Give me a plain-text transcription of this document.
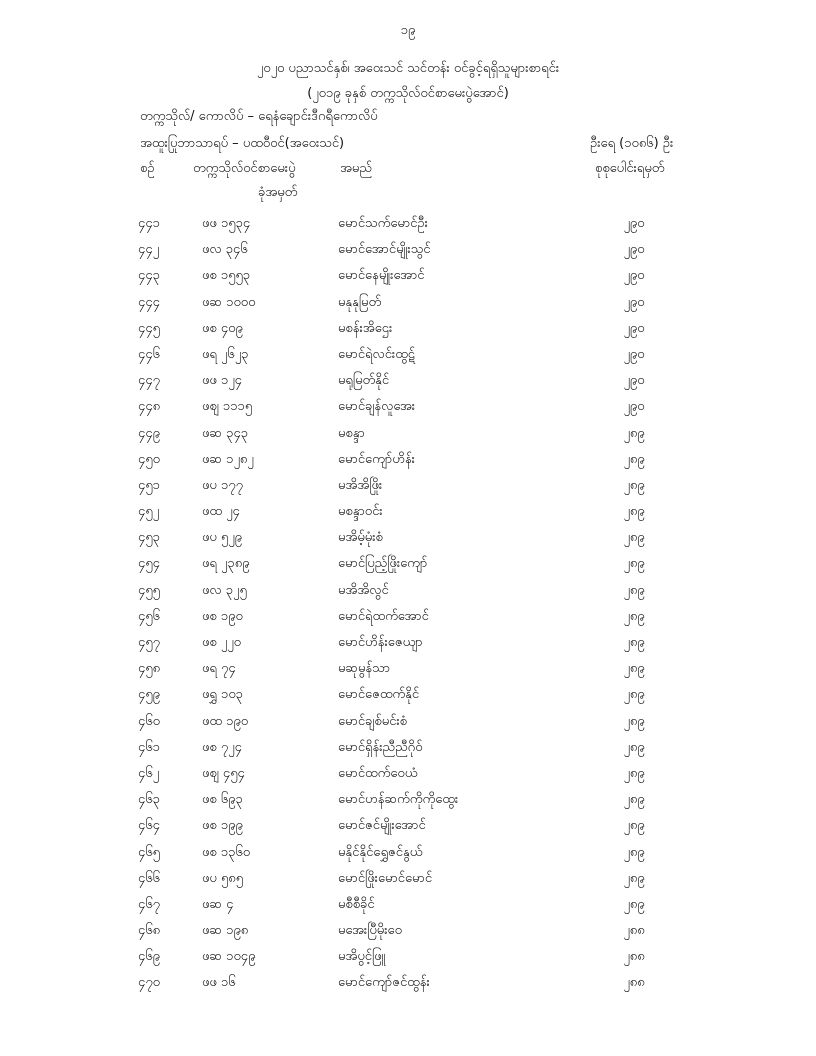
၁၉
၂၀၂၀ ပညာသင်နှစ်၊ အဝေးသင် သင်တန်း ဝင်ခွင့်ရရှိသူများစာရင်း
(၂၀၁၉ ခုနှစ် တက္ကသိုလ်ဝင်စာမေးပွဲအောင်)
တက္ကသိုလ်/ ကောလိပ် – ရေနံချောင်းဒီဂရီကောလိပ်
အထူးပြုဘာသာရပ် – ပထဝီဝင်(အဝေးသင်)	ဦးရေ (၁၀၈၆) ဦး
စဉ်	တက္ကသိုလ်ဝင်စာမေးပွဲ
ခုံအမှတ်
အမည်	စုစုပေါင်းရမှတ်
၄၄၁	ဖဖ ၁၅၃၄	မောင်သက်မောင်ဦး	၂၉၀
၄၄၂	ဖလ ၃၄၆	မောင်အောင်မျိုးသွင်	၂၉၀
၄၄၃	ဖစ ၁၅၅၃	မောင်နေမျိုးအောင်	၂၉၀
၄၄၄	ဖဆ ၁၀၀၀	မနုနုမြတ်	၂၉၀
၄၄၅	ဖစ ၄၀၉	မစန်းအိဌေး	၂၉၀
၄၄၆	ဖရ ၂၆၂၃	မောင်ရဲလင်းထွဋ်	၂၉၀
၄၄၇	ဖဖ ၁၂၄	မရုမြတ်နိုင်	၂၉၀
၄၄၈	ဖစျ ၁၁၁၅	မောင်ချန်လူအေး	၂၉၀
၄၄၉	ဖဆ ၃၄၃	မစန္ဒာ	၂၈၉
၄၅၀	ဖဆ ၁၂၈၂	မောင်ကျော်ဟိန်း	၂၈၉
၄၅၁	ဖပ ၁၇၇	မအိအိဖြိုး	၂၈၉
၄၅၂	ဖထ ၂၄	မစန္ဒာဝင်း	၂၈၉
၄၅၃	ဖပ ၅၂၉	မအိမ့်မုံးစံ	၂၈၉
၄၅၄	ဖရ ၂၃၈၉	မောင်ပြည့်ဖြိုးကျော်	၂၈၉
၄၅၅	ဖလ ၃၂၅	မအိအိလွင်	၂၈၉
၄၅၆	ဖစ ၁၉၀	မောင်ရဲထက်အောင်	၂၈၉
၄၅၇	ဖစ ၂၂၀	မောင်ဟိန်းဇေယျာ	၂၈၉
၄၅၈	ဖရ ၇၄	မဆုမွန်သာ	၂၈၉
၄၅၉	ဖရွှ ၁၀၃	မောင်ဇေထက်နိုင်	၂၈၉
၄၆၀	ဖထ ၁၉၀	မောင်ချစ်မင်းစံ	၂၈၉
၄၆၁	ဖစ ၇၂၄	မောင်ရှိန်းညီညီဂိုဝ်	၂၈၉
၄၆၂	ဖစျ ၄၅၄	မောင်ထက်ဝေယံ	၂၈၉
၄၆၃	ဖစ ၆၉၃	မောင်ဟန်ဆက်ကိုကိုထွေး	၂၈၉
၄၆၄	ဖစ ၁၉၉	မောင်ဇင်မျိုးအောင်	၂၈၉
၄၆၅	ဖစ ၁၃၆၀	မနိုင်နိုင်ရွှေဇင်နွယ်	၂၈၉
၄၆၆	ဖပ ၅၈၅	မောင်ဖြိုးမောင်မောင်	၂၈၉
၄၆၇	ဖဆ ၄	မစီစီခိုင်	၂၈၉
၄၆၈	ဖဆ ၁၉၈	မအေးပြီမိုးဝေ	၂၈၈
၄၆၉	ဖဆ ၁၀၄၉	မအိပွင့်ဖြူ	၂၈၈
၄၇၀	ဖဖ ၁၆	မောင်ကျော်ဇင်ထွန်း	၂၈၈
